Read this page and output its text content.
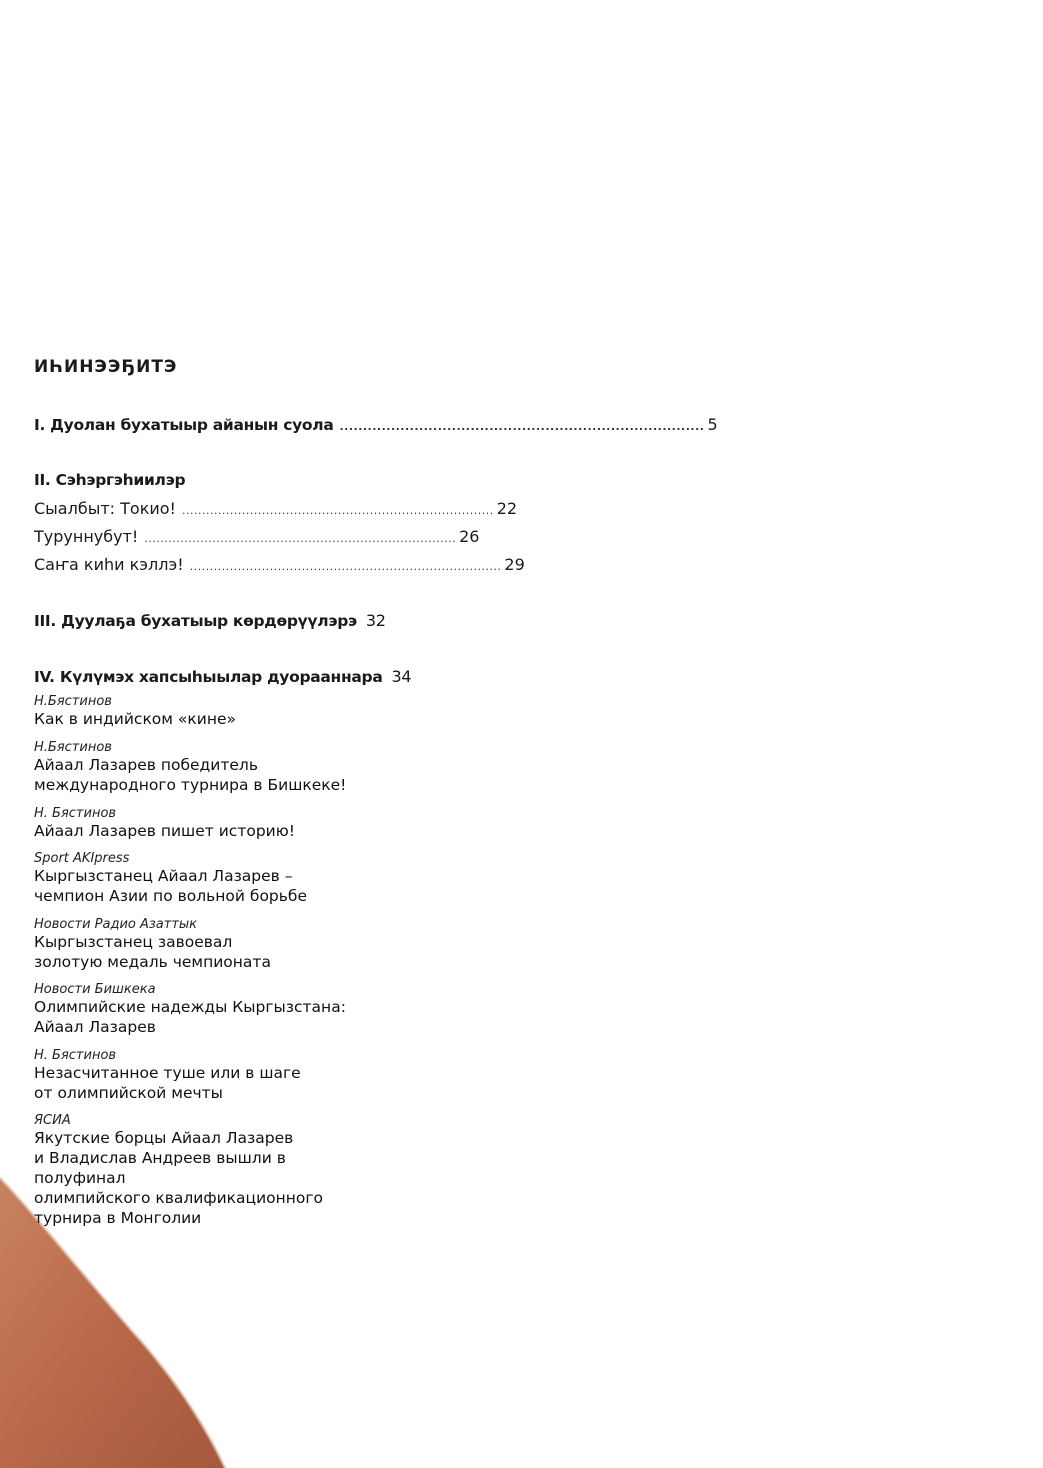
ИҺИНЭЭҔИТЭ
I. Дуолан бухатыыр айанын суола .............................................................................. 5
II. Сэһэргэһиилэр
Сыалбыт: Токио! .............................................................................. 22
Туруннубут! .............................................................................. 26
Саҥа киһи кэллэ! .............................................................................. 29
III. Дуулаҕа бухатыыр көрдөрүүлэрэ 32
IV. Күлүмэх хапсыһыылар дуорааннара 34
Н.Бястинов
Как в индийском «кине»
Н.Бястинов
Айаал Лазарев победитель
международного турнира в Бишкеке!
Н. Бястинов
Айаал Лазарев пишет историю!
Sport AKIpress
Кыргызстанец Айаал Лазарев –
чемпион Азии по вольной борьбе
Новости Радио Азаттык
Кыргызстанец завоевал
золотую медаль чемпионата
Новости Бишкека
Олимпийские надежды Кыргызстана:
Айаал Лазарев
Н. Бястинов
Незасчитанное туше или в шаге
от олимпийской мечты
ЯСИА
Якутские борцы Айаал Лазарев
и Владислав Андреев вышли в полуфинал
олимпийского квалификационного
турнира в Монголии
